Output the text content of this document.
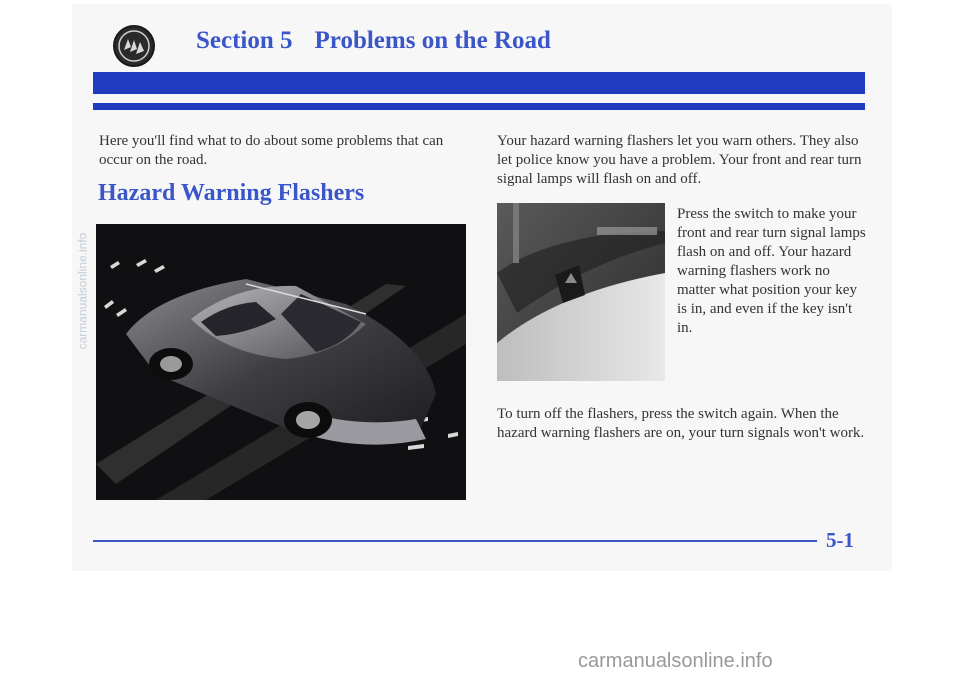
Section 5 Problems on the Road
Here you'll find what to do about some problems that can occur on the road.
Hazard Warning Flashers
Your hazard warning flashers let you warn others. They also let police know you have a problem. Your front and rear turn signal lamps will flash on and off.
Press the switch to make your front and rear turn signal lamps flash on and off. Your hazard warning flashers work no matter what position your key is in, and even if the key isn't in.
To turn off the flashers, press the switch again. When the hazard warning flashers are on, your turn signals won't work.
5-1
carmanualsonline.info
carmanualsonline.info
